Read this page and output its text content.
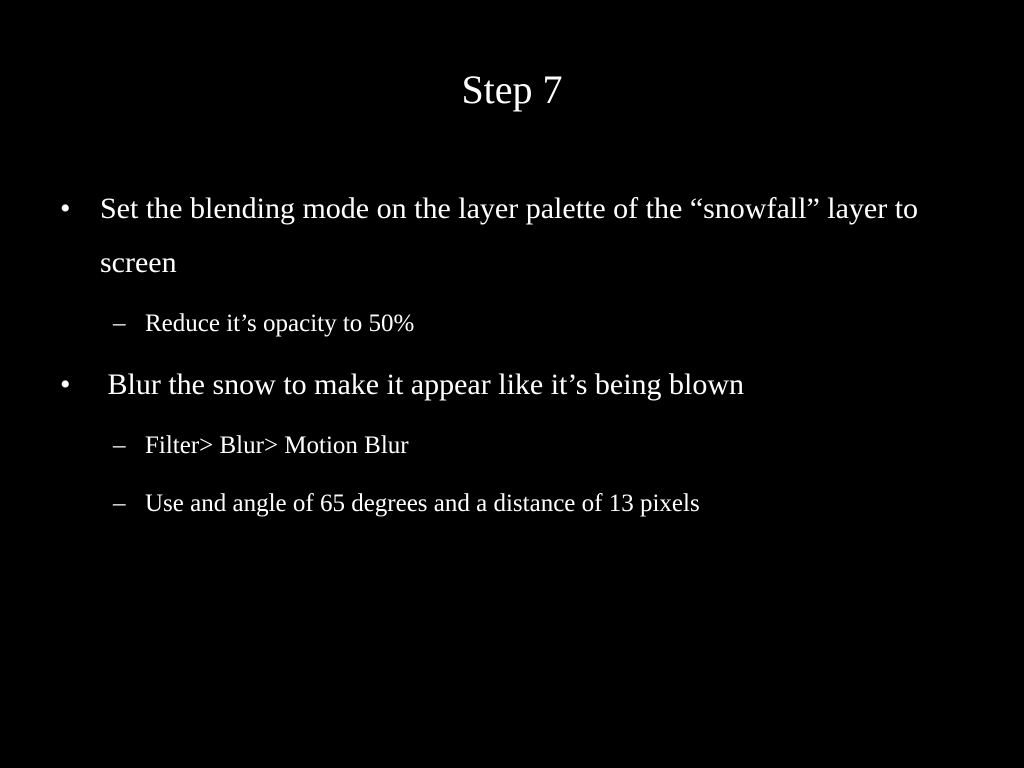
Step 7
• Set the blending mode on the layer palette of the “snowfall” layer to screen
– Reduce it’s opacity to 50%
• Blur the snow to make it appear like it’s being blown
– Filter> Blur> Motion Blur
– Use and angle of 65 degrees and a distance of 13 pixels
